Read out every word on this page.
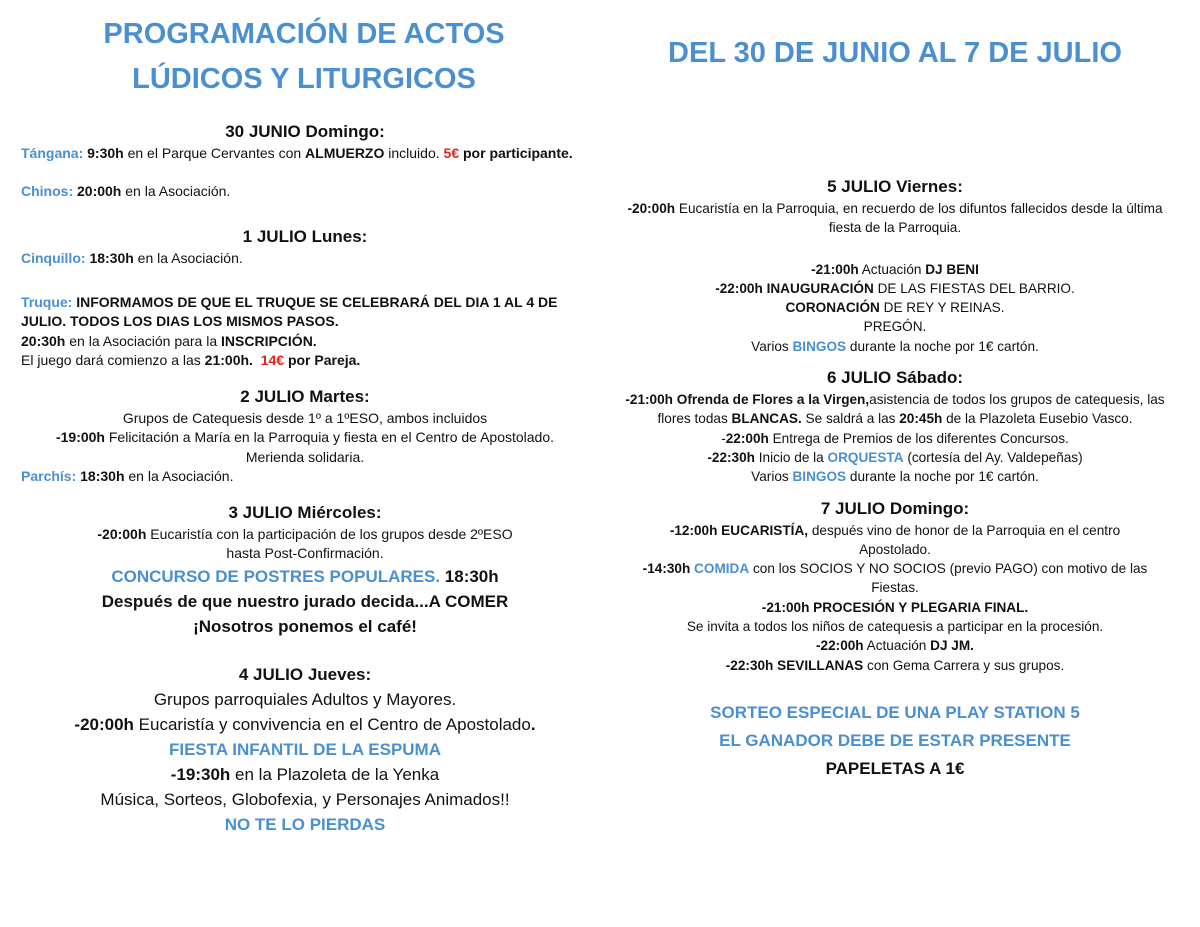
PROGRAMACIÓN DE ACTOS
LÚDICOS Y LITURGICOS
DEL 30 DE JUNIO AL 7 DE JULIO
30 JUNIO Domingo:
Tángana: 9:30h en el Parque Cervantes con ALMUERZO incluido. 5€ por participante.
Chinos: 20:00h en la Asociación.
1 JULIO Lunes:
Cinquillo: 18:30h en la Asociación.
Truque: INFORMAMOS DE QUE EL TRUQUE SE CELEBRARÁ DEL DIA 1 AL 4 DE JULIO. TODOS LOS DIAS LOS MISMOS PASOS.
20:30h en la Asociación para la INSCRIPCIÓN.
El juego dará comienzo a las 21:00h. 14€ por Pareja.
2 JULIO Martes:
Grupos de Catequesis desde 1º a 1ºESO, ambos incluidos
-19:00h Felicitación a María en la Parroquia y fiesta en el Centro de Apostolado.
Merienda solidaria.
Parchís: 18:30h en la Asociación.
3 JULIO Miércoles:
-20:00h Eucaristía con la participación de los grupos desde 2ºESO
hasta Post-Confirmación.
CONCURSO DE POSTRES POPULARES. 18:30h
Después de que nuestro jurado decida...A COMER
¡Nosotros ponemos el café!
4 JULIO Jueves:
Grupos parroquiales Adultos y Mayores.
-20:00h Eucaristía y convivencia en el Centro de Apostolado.
FIESTA INFANTIL DE LA ESPUMA
-19:30h en la Plazoleta de la Yenka
Música, Sorteos, Globofexia, y Personajes Animados!!
NO TE LO PIERDAS
5 JULIO Viernes:
-20:00h Eucaristía en la Parroquia, en recuerdo de los difuntos fallecidos desde la última fiesta de la Parroquia.
-21:00h Actuación DJ BENI
-22:00h INAUGURACIÓN DE LAS FIESTAS DEL BARRIO.
CORONACIÓN DE REY Y REINAS.
PREGÓN.
Varios BINGOS durante la noche por 1€ cartón.
6 JULIO Sábado:
-21:00h Ofrenda de Flores a la Virgen,asistencia de todos los grupos de catequesis, las flores todas BLANCAS. Se saldrá a las 20:45h de la Plazoleta Eusebio Vasco.
-22:00h Entrega de Premios de los diferentes Concursos.
-22:30h Inicio de la ORQUESTA (cortesía del Ay. Valdepeñas)
Varios BINGOS durante la noche por 1€ cartón.
7 JULIO Domingo:
-12:00h EUCARISTÍA, después vino de honor de la Parroquia en el centro Apostolado.
-14:30h COMIDA con los SOCIOS Y NO SOCIOS (previo PAGO) con motivo de las Fiestas.
-21:00h PROCESIÓN Y PLEGARIA FINAL.
Se invita a todos los niños de catequesis a participar en la procesión.
-22:00h Actuación DJ JM.
-22:30h SEVILLANAS con Gema Carrera y sus grupos.
SORTEO ESPECIAL DE UNA PLAY STATION 5
EL GANADOR DEBE DE ESTAR PRESENTE
PAPELETAS A 1€
